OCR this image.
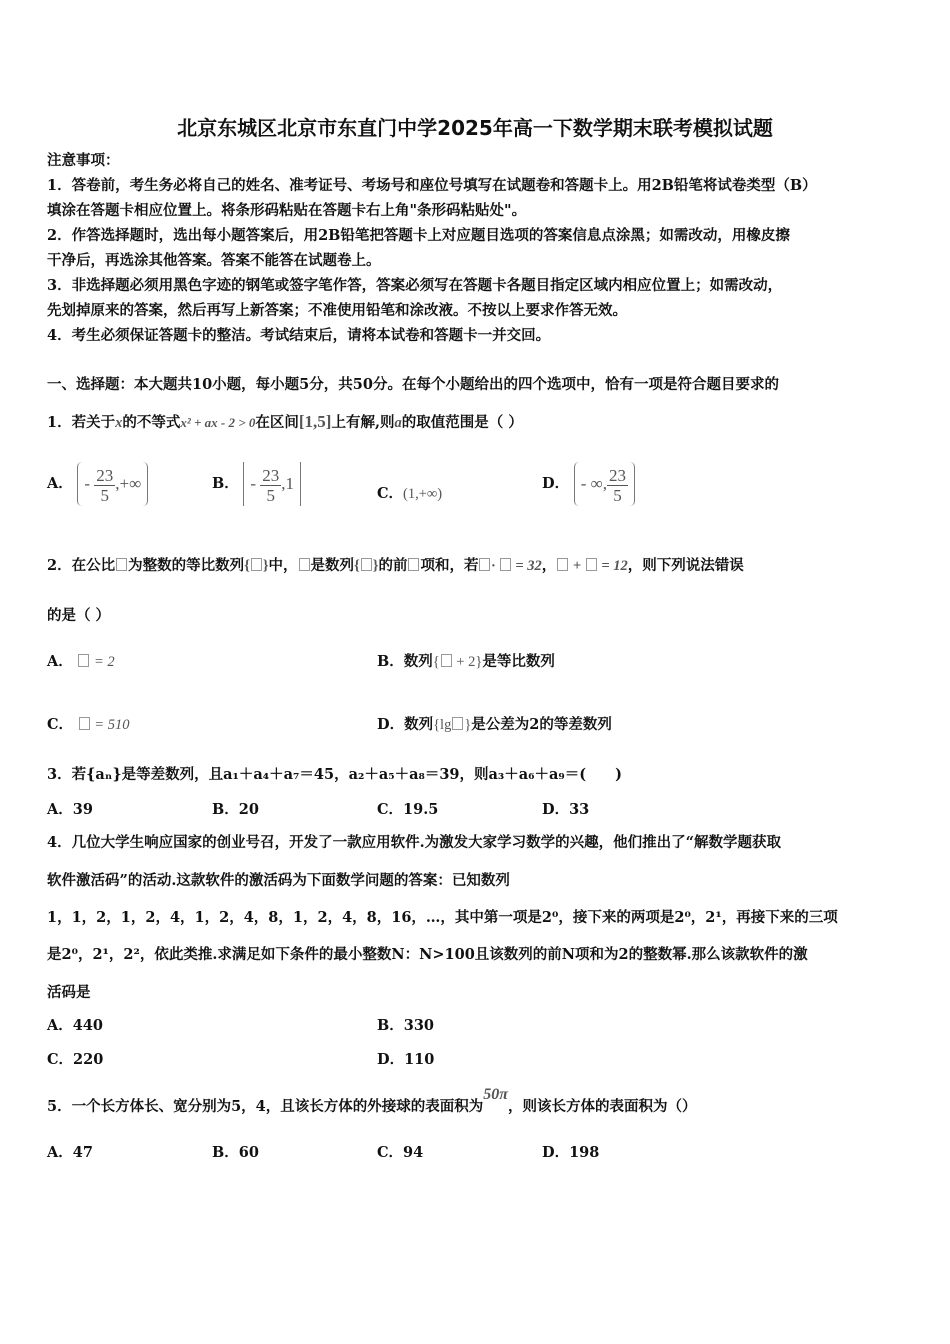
北京东城区北京市东直门中学2025年高一下数学期末联考模拟试题
注意事项：
1．答卷前，考生务必将自己的姓名、准考证号、考场号和座位号填写在试题卷和答题卡上。用2B铅笔将试卷类型（B）
填涂在答题卡相应位置上。将条形码粘贴在答题卡右上角"条形码粘贴处"。
2．作答选择题时，选出每小题答案后，用2B铅笔把答题卡上对应题目选项的答案信息点涂黑；如需改动，用橡皮擦
干净后，再选涂其他答案。答案不能答在试题卷上。
3．非选择题必须用黑色字迹的钢笔或签字笔作答，答案必须写在答题卡各题目指定区域内相应位置上；如需改动，
先划掉原来的答案，然后再写上新答案；不准使用铅笔和涂改液。不按以上要求作答无效。
4．考生必须保证答题卡的整洁。考试结束后，请将本试卷和答题卡一并交回。
一、选择题：本大题共10小题，每小题5分，共50分。在每个小题给出的四个选项中，恰有一项是符合题目要求的
1．若关于x的不等式x² + ax - 2 > 0在区间[1,5]上有解,则a的取值范围是（ ）
A． - $\frac{23}{5}$ ,+∞	B． - $\frac{23}{5} ,1$
C．(1,+∞)
D． - ∞, $\frac{23}{5}$
2．在公比 为整数的等比数列{ }中， 是数列{ }的前 项和，若 ·  = 32， +  = 12，则下列说法错误
的是（ ）
A．  = 2	B．数列{ + 2}是等比数列
C．  = 510	D．数列{lg }是公差为2的等差数列
3．若{aₙ}是等差数列，且a₁＋a₄＋a₇＝45，a₂＋a₅＋a₈＝39，则a₃＋a₆＋a₉＝(　　)
A．39	B．20	C．19.5	D．33
4．几位大学生响应国家的创业号召，开发了一款应用软件.为激发大家学习数学的兴趣，他们推出了“解数学题获取
软件激活码”的活动.这款软件的激活码为下面数学问题的答案：已知数列
1，1，2，1，2，4，1，2，4，8，1，2，4，8，16，…，其中第一项是2⁰，接下来的两项是2⁰，2¹，再接下来的三项
是2⁰，2¹，2²，依此类推.求满足如下条件的最小整数N：N>100且该数列的前N项和为2的整数幂.那么该款软件的激
活码是
A．440	B．330
C．220	D．110
5．一个长方体长、宽分别为5，4，且该长方体的外接球的表面积为50π，则该长方体的表面积为（）
A．47	B．60	C．94	D．198
